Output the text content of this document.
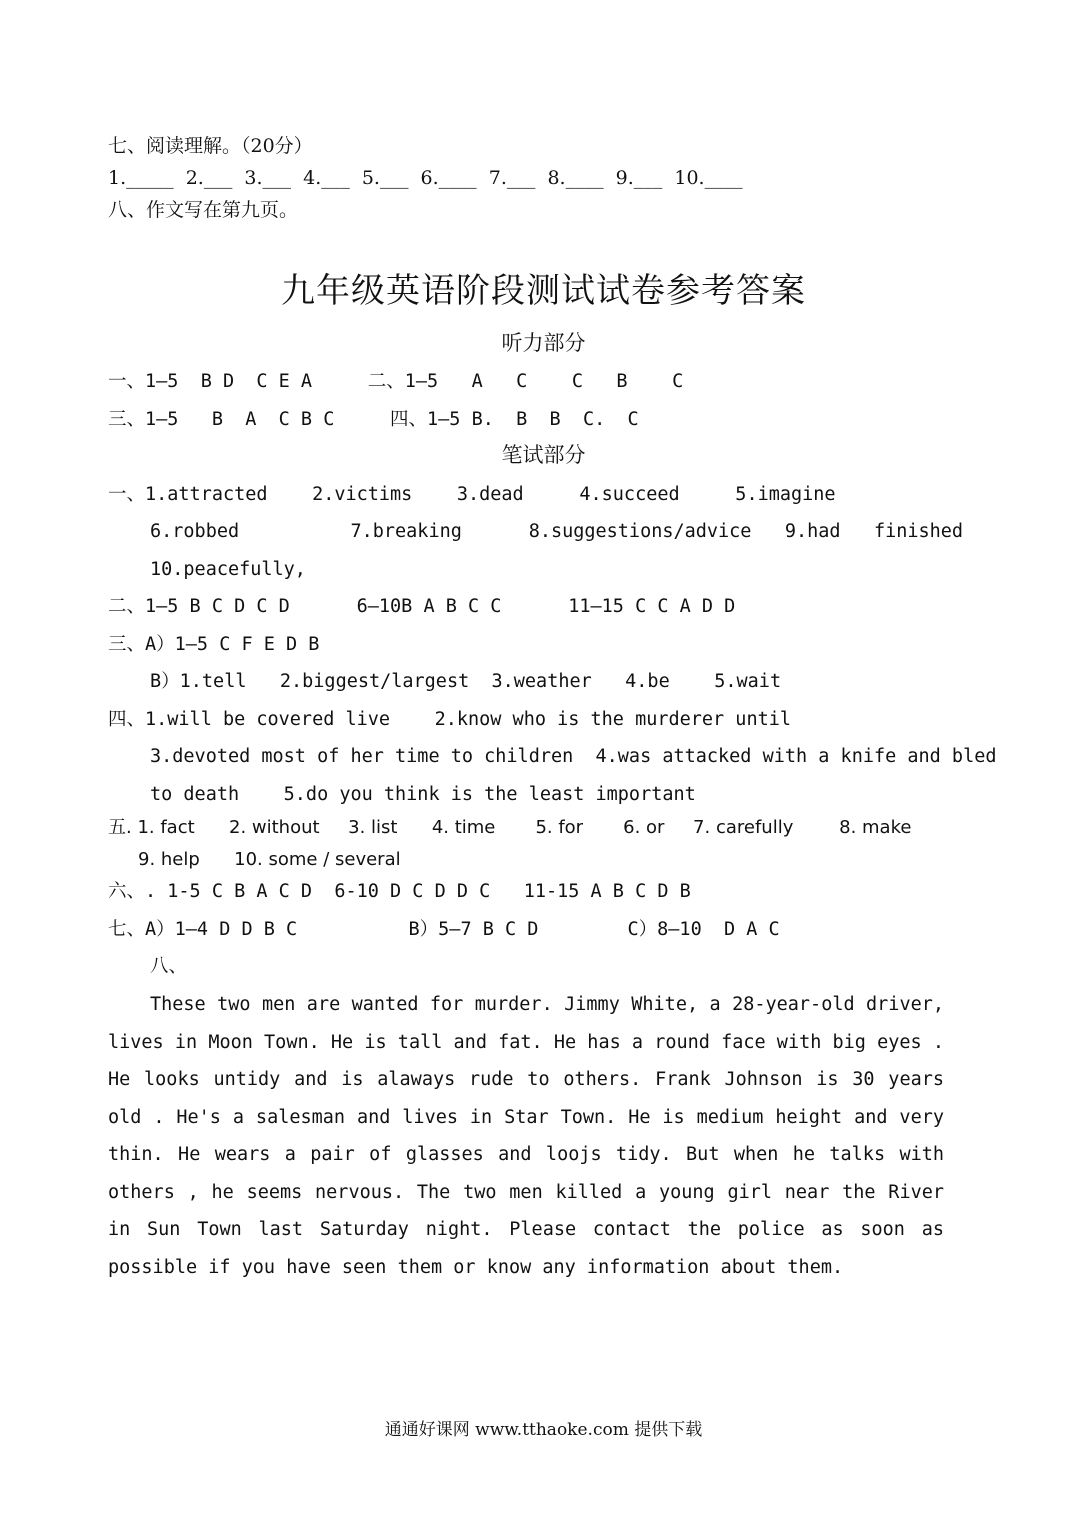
七、阅读理解。（20分）
1._____  2.___  3.___  4.___  5.___  6.____  7.___  8.____  9.___  10.____
八、作文写在第九页。
九年级英语阶段测试试卷参考答案
听力部分
一、1—5  B D  C E A     二、1—5   A   C    C   B    C
三、1—5   B  A  C B C     四、1—5 B.  B  B  C.  C
笔试部分
一、1.attracted    2.victims    3.dead     4.succeed     5.imagine
6.robbed          7.breaking      8.suggestions/advice   9.had   finished
10.peacefully,
二、1—5 B C D C D      6—10B A B C C      11—15 C C A D D
三、A）1—5 C F E D B
B）1.tell   2.biggest/largest  3.weather   4.be    5.wait
四、1.will be covered live    2.know who is the murderer until
3.devoted most of her time to children  4.was attacked with a knife and bled
to death    5.do you think is the least important
五. 1. fact      2. without     3. list      4. time       5. for       6. or     7. carefully        8. make
9. help      10. some / several
六、. 1-5 C B A C D  6-10 D C D D C   11-15 A B C D B
七、A）1—4 D D B C          B）5—7 B C D        C）8—10  D A C
八、
These two men are wanted for murder. Jimmy White, a 28-year-old driver, lives in Moon Town. He is tall and fat. He has a round face with big eyes . He looks untidy and is alaways rude to others. Frank Johnson is 30 years old . He's a salesman and lives in Star Town. He is medium height and very thin. He wears a pair of glasses and loojs tidy. But when he talks with others , he seems nervous. The two men killed a young girl near the River in Sun Town last Saturday night. Please contact the police as soon as possible if you have seen them or know any information about them.
通通好课网 www.tthaoke.com 提供下载
